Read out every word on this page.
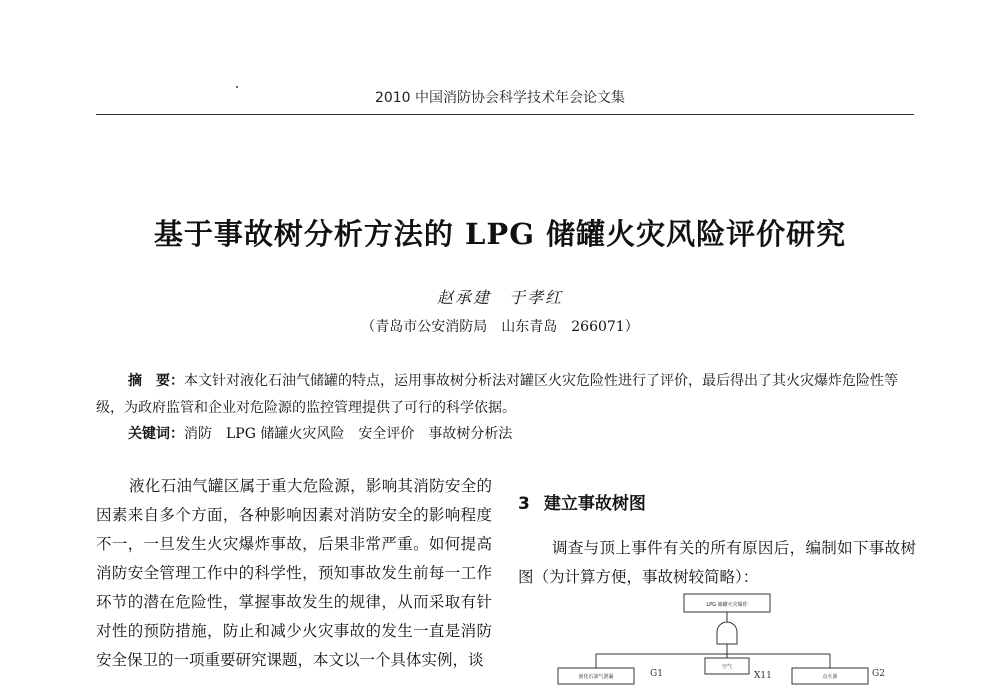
2010 中国消防协会科学技术年会论文集
基于事故树分析方法的 LPG 储罐火灾风险评价研究
赵承建　于孝红
（青岛市公安消防局　山东青岛　266071）
摘　要：本文针对液化石油气储罐的特点，运用事故树分析法对罐区火灾危险性进行了评价，最后得出了其火灾爆炸危险性等级，为政府监管和企业对危险源的监控管理提供了可行的科学依据。
关键词：消防　LPG 储罐火灾风险　安全评价　事故树分析法
液化石油气罐区属于重大危险源，影响其消防安全的因素来自多个方面，各种影响因素对消防安全的影响程度不一，一旦发生火灾爆炸事故，后果非常严重。如何提高消防安全管理工作中的科学性，预知事故发生前每一工作环节的潜在危险性，掌握事故发生的规律，从而采取有针对性的预防措施，防止和减少火灾事故的发生一直是消防安全保卫的一项重要研究课题，本文以一个具体实例，谈
3 建立事故树图
调查与顶上事件有关的所有原因后，编制如下事故树图（为计算方便，事故树较简略）：
LPG 储罐火灾爆炸
液化石油气泄漏
空气
点火源
G1	X11	G2
